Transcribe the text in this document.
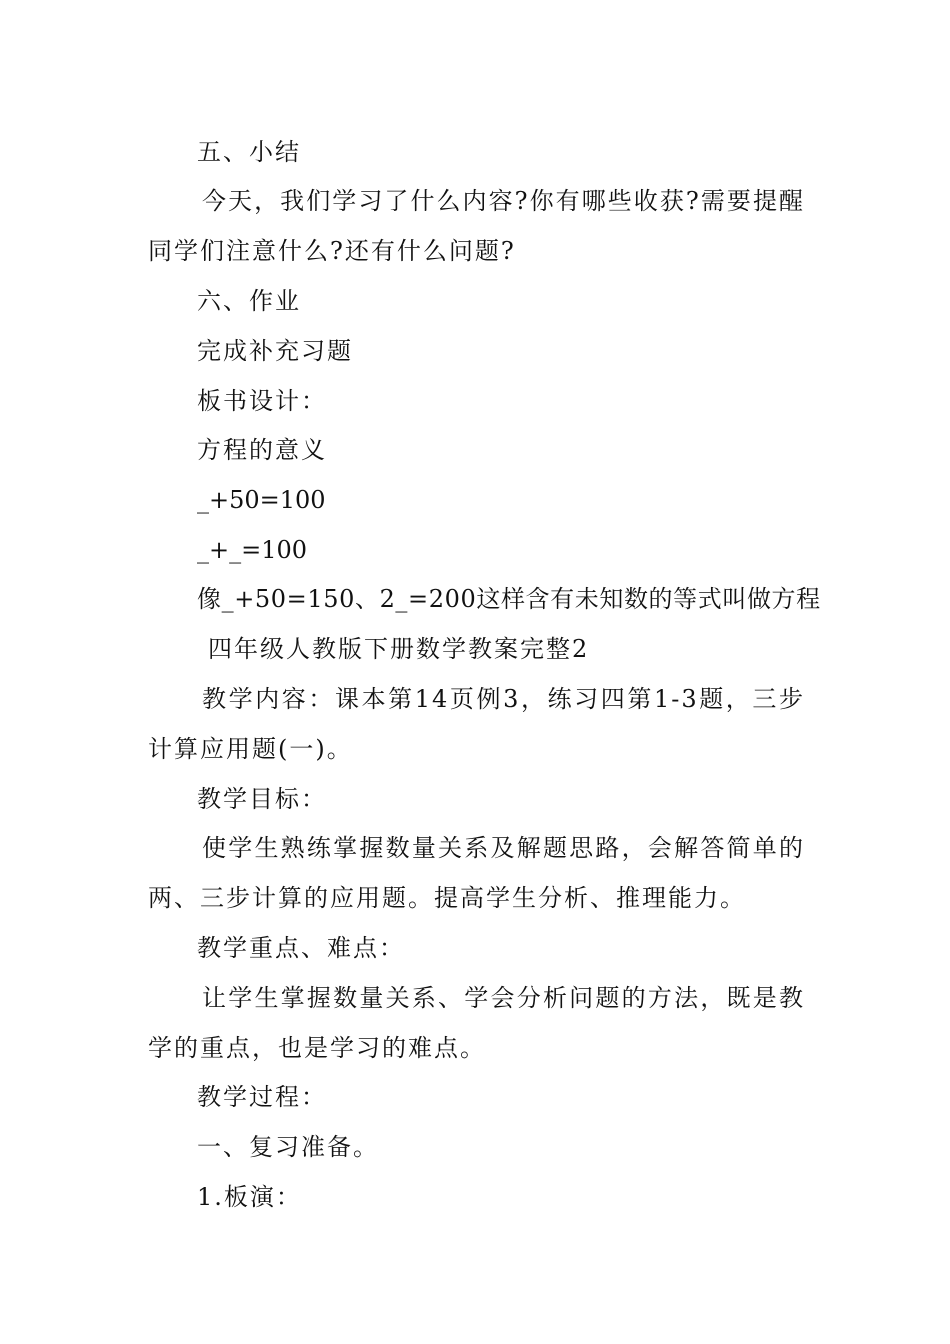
五、小结
今天，我们学习了什么内容?你有哪些收获?需要提醒
同学们注意什么?还有什么问题?
六、作业
完成补充习题
板书设计：
方程的意义
_+50=100
_+_=100
像_+50=150、2_=200这样含有未知数的等式叫做方程
四年级人教版下册数学教案完整2
教学内容：课本第14页例3，练习四第1-3题，三步
计算应用题(一)。
教学目标：
使学生熟练掌握数量关系及解题思路，会解答简单的
两、三步计算的应用题。提高学生分析、推理能力。
教学重点、难点：
让学生掌握数量关系、学会分析问题的方法，既是教
学的重点，也是学习的难点。
教学过程：
一、复习准备。
1.板演：
